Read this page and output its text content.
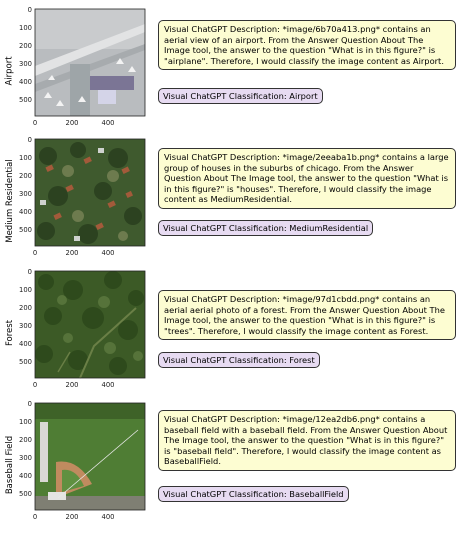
Airport
0
100
200
300
400
500
0	200	400
Visual ChatGPT Description: *image/6b70a413.png* contains an aerial view of an airport. From the Answer Question About The Image tool, the answer to the question "What is in this figure?" is "airplane". Therefore, I would classify the image content as Airport.
Visual ChatGPT Classification: Airport
Medium Residential
0
100
200
300
400
500
0	200	400
Visual ChatGPT Description: *image/2eeaba1b.png* contains a large group of houses in the suburbs of chicago. From the Answer Question About The Image tool, the answer to the question "What is in this figure?" is "houses". Therefore, I would classify the image content as MediumResidential.
Visual ChatGPT Classification: MediumResidential
Forest
0
100
200
300
400
500
0	200	400
Visual ChatGPT Description: *image/97d1cbdd.png* contains an aerial aerial photo of a forest. From the Answer Question About The Image tool, the answer to the question "What is in this figure?" is "trees". Therefore, I would classify the image content as Forest.
Visual ChatGPT Classification: Forest
Baseball Field
0
100
200
300
400
500
0	200	400
Visual ChatGPT Description: *image/12ea2db6.png* contains a baseball field with a baseball field. From the Answer Question About The Image tool, the answer to the question "What is in this figure?" is "baseball field". Therefore, I would classify the image content as BaseballField.
Visual ChatGPT Classification: BaseballField
